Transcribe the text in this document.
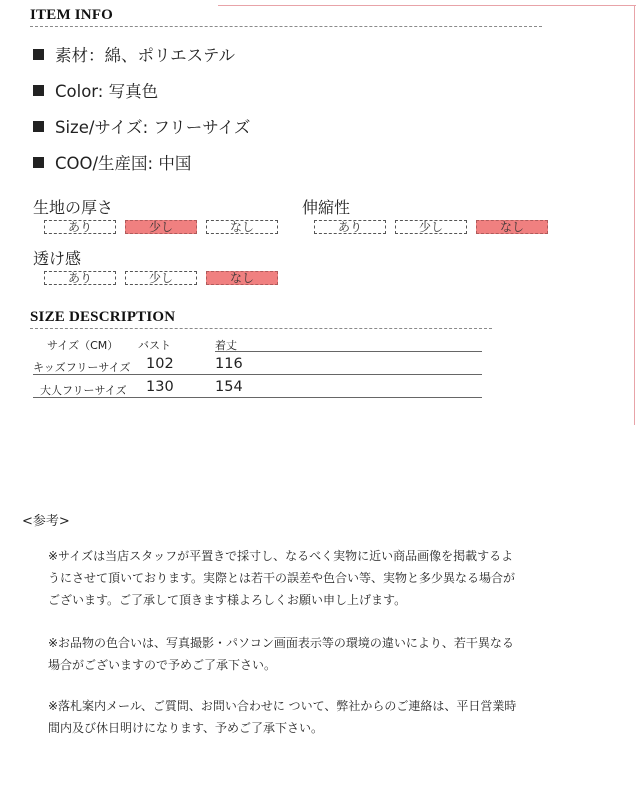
ITEM INFO
素材：綿、ポリエステル
Color: 写真色
Size/サイズ: フリーサイズ
COO/生産国: 中国
生地の厚さ
あり	少し	なし
伸縮性
あり	少し	なし
透け感
あり	少し	なし
SIZE DESCRIPTION
サイズ（CM） バスト	着丈
キッズフリーサイズ 102	116
大人フリーサイズ 130	154
<参考>
※サイズは当店スタッフが平置きで採寸し、なるべく実物に近い商品画像を掲載するよ
うにさせて頂いております。実際とは若干の誤差や色合い等、実物と多少異なる場合が
ございます。ご了承して頂きます様よろしくお願い申し上げます。
※お品物の色合いは、写真撮影・パソコン画面表示等の環境の違いにより、若干異なる
場合がございますので予めご了承下さい。
※落札案内メール、ご質問、お問い合わせに ついて、弊社からのご連絡は、平日営業時
間内及び休日明けになります、予めご了承下さい。
